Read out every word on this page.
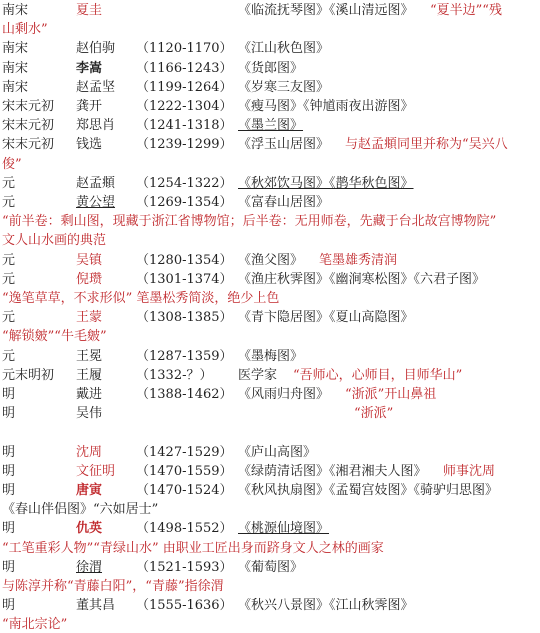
南宋	夏圭	《临流抚琴图》《溪山清远图》 “夏半边”“残
山剩水”
南宋	赵伯驹 （1120-1170） 《江山秋色图》
南宋	李嵩	（1166-1243） 《货郎图》
南宋	赵孟坚 （1199-1264） 《岁寒三友图》
宋末元初 龚开	（1222-1304） 《瘦马图》《钟馗雨夜出游图》
宋末元初 郑思肖 （1241-1318） 《墨兰图》
宋末元初 钱选	（1239-1299） 《浮玉山居图》 与赵孟頫同里并称为“吴兴八
俊”
元	赵孟頫 （1254-1322） 《秋郊饮马图》《鹊华秋色图》
元	黄公望 （1269-1354） 《富春山居图》
“前半卷：剩山图，现藏于浙江省博物馆；后半卷：无用师卷，先藏于台北故宫博物院”
文人山水画的典范
元	吴镇	（1280-1354） 《渔父图》 笔墨雄秀清润
元	倪瓒	（1301-1374） 《渔庄秋霁图》《幽涧寒松图》《六君子图》
“逸笔草草，不求形似” 笔墨松秀简淡，绝少上色
元	王蒙	（1308-1385） 《青卞隐居图》《夏山高隐图》
“解锁皴”“牛毛皴”
元	王冕	（1287-1359） 《墨梅图》
元末明初 王履	（1332-？） 医学家 “吾师心，心师目，目师华山”
明	戴进	（1388-1462） 《风雨归舟图》 “浙派”开山鼻祖
明	吴伟	“浙派”
明	沈周	（1427-1529） 《庐山高图》
明	文征明 （1470-1559） 《绿荫清话图》《湘君湘夫人图》 师事沈周
明	唐寅	（1470-1524） 《秋风执扇图》《孟蜀宫妓图》《骑驴归思图》
《春山伴侣图》“六如居士”
明	仇英	（1498-1552） 《桃源仙境图》
“工笔重彩人物”“青绿山水” 由职业工匠出身而跻身文人之林的画家
明	徐渭	（1521-1593） 《葡萄图》
与陈淳并称“青藤白阳”，“青藤”指徐渭
明	董其昌 （1555-1636） 《秋兴八景图》《江山秋霁图》
“南北宗论”
